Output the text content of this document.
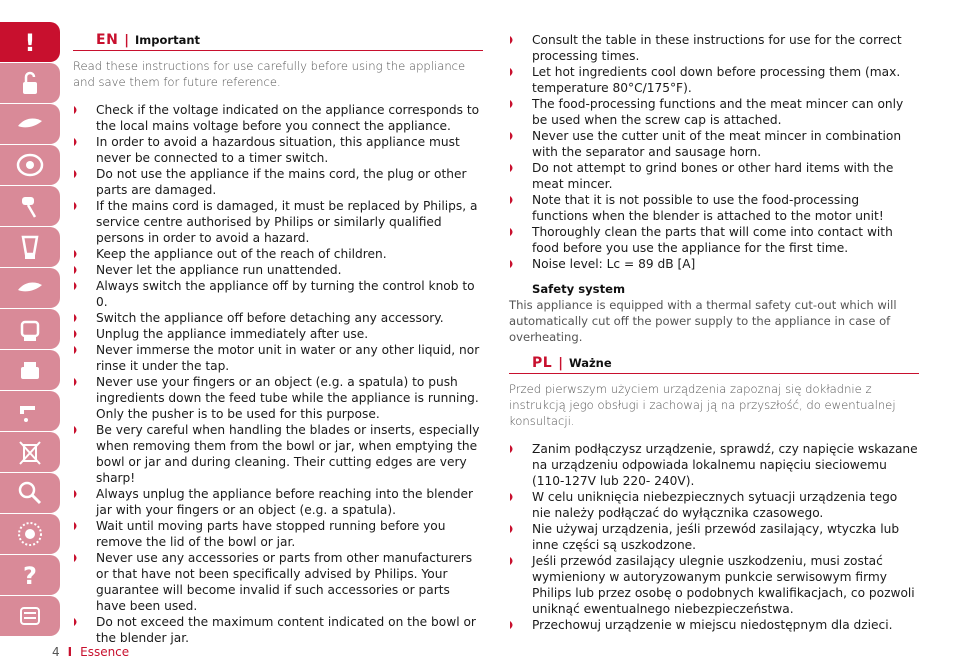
!
?
EN | Important

Read these instructions for use carefully before using the appliance and save them for future reference.

Check if the voltage indicated on the appliance corresponds to the local mains voltage before you connect the appliance.
In order to avoid a hazardous situation, this appliance must never be connected to a timer switch.
Do not use the appliance if the mains cord, the plug or other parts are damaged.
If the mains cord is damaged, it must be replaced by Philips, a service centre authorised by Philips or similarly qualified persons in order to avoid a hazard.
Keep the appliance out of the reach of children.
Never let the appliance run unattended.
Always switch the appliance off by turning the control knob to 0.
Switch the appliance off before detaching any accessory.
Unplug the appliance immediately after use.
Never immerse the motor unit in water or any other liquid, nor rinse it under the tap.
Never use your fingers or an object (e.g. a spatula) to push ingredients down the feed tube while the appliance is running. Only the pusher is to be used for this purpose.
Be very careful when handling the blades or inserts, especially when removing them from the bowl or jar, when emptying the bowl or jar and during cleaning. Their cutting edges are very sharp!
Always unplug the appliance before reaching into the blender jar with your fingers or an object (e.g. a spatula).
Wait until moving parts have stopped running before you remove the lid of the bowl or jar.
Never use any accessories or parts from other manufacturers or that have not been specifically advised by Philips. Your guarantee will become invalid if such accessories or parts have been used.
Do not exceed the maximum content indicated on the bowl or the blender jar.
Consult the table in these instructions for use for the correct processing times.
Let hot ingredients cool down before processing them (max. temperature 80°C/175°F).
The food-processing functions and the meat mincer can only be used when the screw cap is attached.
Never use the cutter unit of the meat mincer in combination with the separator and sausage horn.
Do not attempt to grind bones or other hard items with the meat mincer.
Note that it is not possible to use the food-processing functions when the blender is attached to the motor unit!
Thoroughly clean the parts that will come into contact with food before you use the appliance for the first time.
Noise level: Lc = 89 dB [A]
Safety system

This appliance is equipped with a thermal safety cut-out which will automatically cut off the power supply to the appliance in case of overheating.

PL | Ważne

Przed pierwszym użyciem urządzenia zapoznaj się dokładnie z instrukcją jego obsługi i zachowaj ją na przyszłość, do ewentualnej konsultacji.

Zanim podłączysz urządzenie, sprawdź, czy napięcie wskazane na urządzeniu odpowiada lokalnemu napięciu sieciowemu (110-127V lub 220- 240V).
W celu uniknięcia niebezpiecznych sytuacji urządzenia tego nie należy podłączać do wyłącznika czasowego.
Nie używaj urządzenia, jeśli przewód zasilający, wtyczka lub inne części są uszkodzone.
Jeśli przewód zasilający ulegnie uszkodzeniu, musi zostać wymieniony w autoryzowanym punkcie serwisowym firmy Philips lub przez osobę o podobnych kwalifikacjach, co pozwoli uniknąć ewentualnego niebezpieczeństwa.
Przechowuj urządzenie w miejscu niedostępnym dla dzieci.
4 I Essence
